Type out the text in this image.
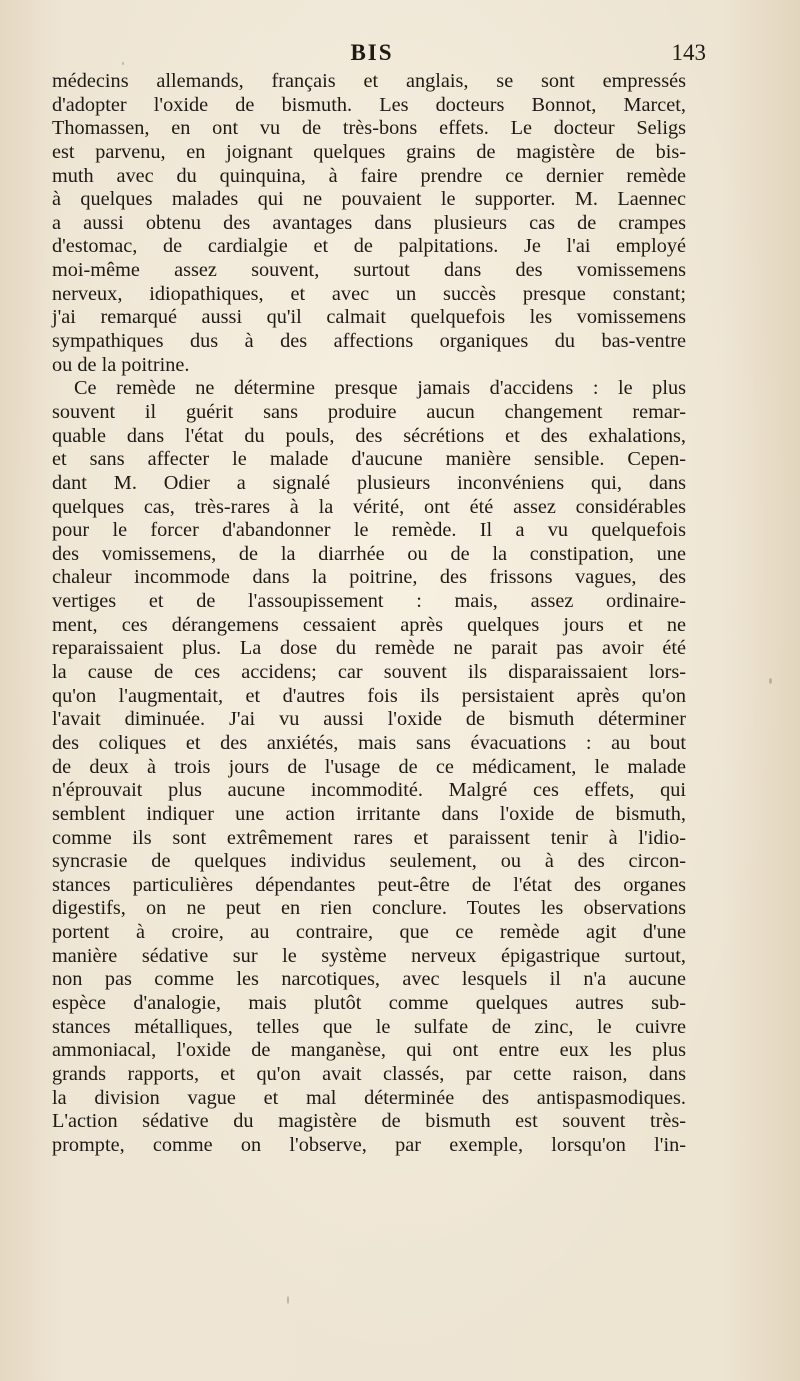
BIS	143
médecins allemands, français et anglais, se sont empressés
d'adopter l'oxide de bismuth. Les docteurs Bonnot, Marcet,
Thomassen, en ont vu de très-bons effets. Le docteur Seligs
est parvenu, en joignant quelques grains de magistère de bis-
muth avec du quinquina, à faire prendre ce dernier remède
à quelques malades qui ne pouvaient le supporter. M. Laennec
a aussi obtenu des avantages dans plusieurs cas de crampes
d'estomac, de cardialgie et de palpitations. Je l'ai employé
moi-même assez souvent, surtout dans des vomissemens
nerveux, idiopathiques, et avec un succès presque constant;
j'ai remarqué aussi qu'il calmait quelquefois les vomissemens
sympathiques dus à des affections organiques du bas-ventre
ou de la poitrine.
Ce remède ne détermine presque jamais d'accidens : le plus
souvent il guérit sans produire aucun changement remar-
quable dans l'état du pouls, des sécrétions et des exhalations,
et sans affecter le malade d'aucune manière sensible. Cepen-
dant M. Odier a signalé plusieurs inconvéniens qui, dans
quelques cas, très-rares à la vérité, ont été assez considérables
pour le forcer d'abandonner le remède. Il a vu quelquefois
des vomissemens, de la diarrhée ou de la constipation, une
chaleur incommode dans la poitrine, des frissons vagues, des
vertiges et de l'assoupissement : mais, assez ordinaire-
ment, ces dérangemens cessaient après quelques jours et ne
reparaissaient plus. La dose du remède ne parait pas avoir été
la cause de ces accidens; car souvent ils disparaissaient lors-
qu'on l'augmentait, et d'autres fois ils persistaient après qu'on
l'avait diminuée. J'ai vu aussi l'oxide de bismuth déterminer
des coliques et des anxiétés, mais sans évacuations : au bout
de deux à trois jours de l'usage de ce médicament, le malade
n'éprouvait plus aucune incommodité. Malgré ces effets, qui
semblent indiquer une action irritante dans l'oxide de bismuth,
comme ils sont extrêmement rares et paraissent tenir à l'idio-
syncrasie de quelques individus seulement, ou à des circon-
stances particulières dépendantes peut-être de l'état des organes
digestifs, on ne peut en rien conclure. Toutes les observations
portent à croire, au contraire, que ce remède agit d'une
manière sédative sur le système nerveux épigastrique surtout,
non pas comme les narcotiques, avec lesquels il n'a aucune
espèce d'analogie, mais plutôt comme quelques autres sub-
stances métalliques, telles que le sulfate de zinc, le cuivre
ammoniacal, l'oxide de manganèse, qui ont entre eux les plus
grands rapports, et qu'on avait classés, par cette raison, dans
la division vague et mal déterminée des antispasmodiques.
L'action sédative du magistère de bismuth est souvent très-
prompte, comme on l'observe, par exemple, lorsqu'on l'in-
